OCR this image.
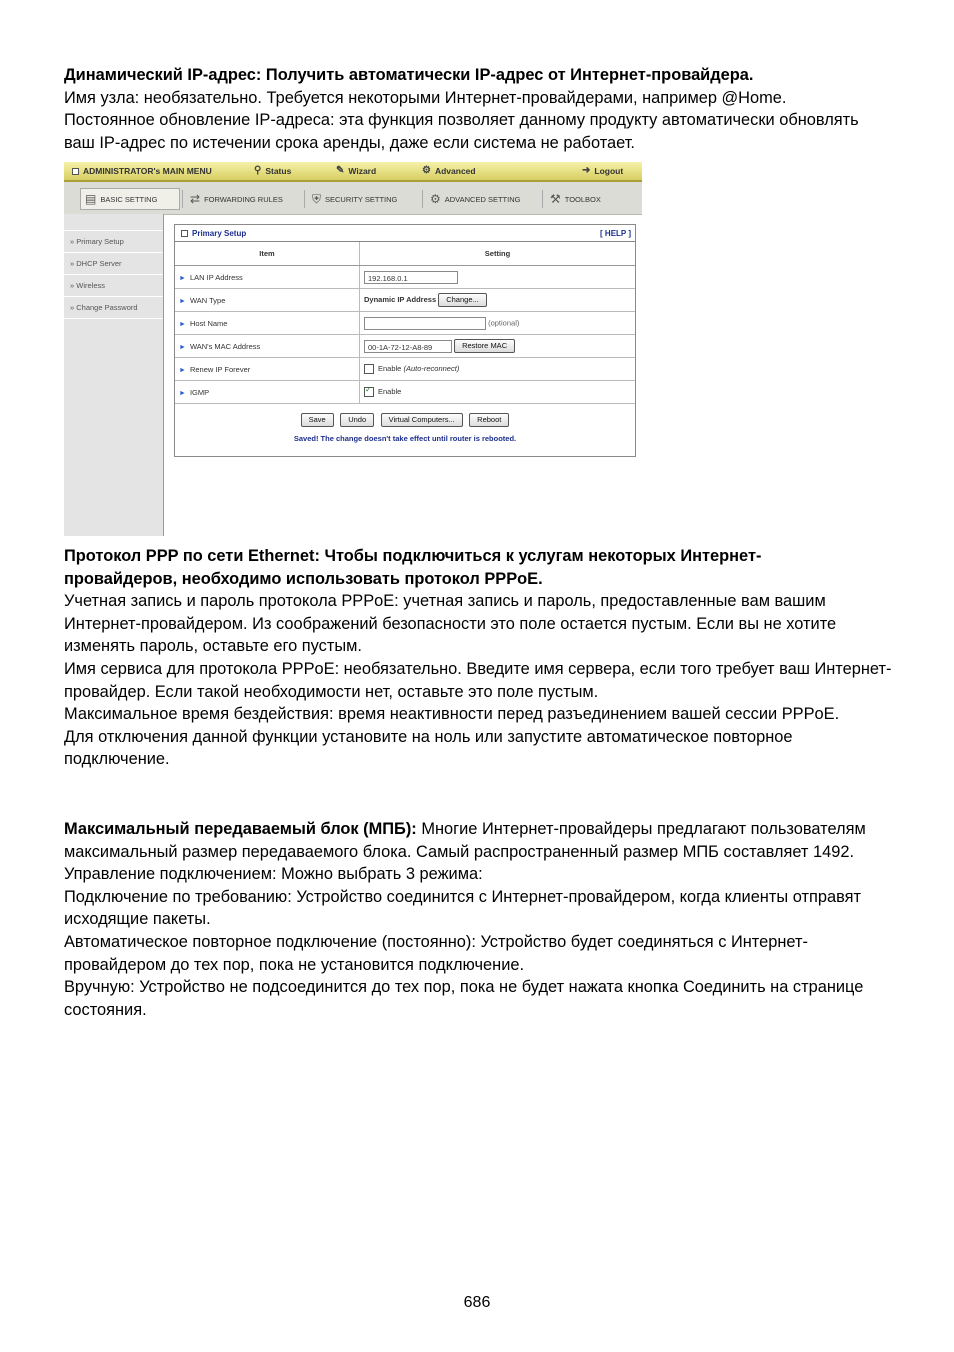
Динамический IP-адрес: Получить автоматически IP-адрес от Интернет-провайдера.

Имя узла: необязательно. Требуется некоторыми Интернет-провайдерами, например @Home.

Постоянное обновление IP-адреса: эта функция позволяет данному продукту автоматически обновлять ваш IP-адрес по истечении срока аренды, даже если система не работает.

ADMINISTRATOR's MAIN MENU	⚲ Status	✎ Wizard	⚙ Advanced	➜ Logout
▤ BASIC SETTING	⇄ FORWARDING RULES ⛨ SECURITY SETTING	⚙ ADVANCED SETTING ⚒ TOOLBOX
» Primary Setup
» DHCP Server
» Wireless
» Change Password
Primary Setup	[ HELP ]
Item	Setting
► LAN IP Address	192.168.0.1
► WAN Type	Dynamic IP Address Change...
► Host Name	(optional)
► WAN's MAC Address	00-1A-72-12-A8-89 Restore MAC
► Renew IP Forever	Enable (Auto-reconnect)
► IGMP	✓Enable
Save	Undo	Virtual Computers...	Reboot
Saved! The change doesn't take effect until router is rebooted.

Протокол PPP по сети Ethernet: Чтобы подключиться к услугам некоторых Интернет-провайдеров, необходимо использовать протокол PPPoE.

Учетная запись и пароль протокола PPPoE: учетная запись и пароль, предоставленные вам вашим Интернет-провайдером. Из соображений безопасности это поле остается пустым. Если вы не хотите изменять пароль, оставьте его пустым.

Имя сервиса для протокола PPPoE: необязательно. Введите имя сервера, если того требует ваш Интернет-провайдер. Если такой необходимости нет, оставьте это поле пустым.

Максимальное время бездействия: время неактивности перед разъединением вашей сессии PPPoE.

Для отключения данной функции установите на ноль или запустите автоматическое повторное подключение.

Максимальный передаваемый блок (МПБ): Многие Интернет-провайдеры предлагают пользователям максимальный размер передаваемого блока. Самый распространенный размер МПБ составляет 1492.

Управление подключением: Можно выбрать 3 режима:

Подключение по требованию: Устройство соединится с Интернет-провайдером, когда клиенты отправят исходящие пакеты.

Автоматическое повторное подключение (постоянно): Устройство будет соединяться с Интернет-провайдером до тех пор, пока не установится подключение.

Вручную: Устройство не подсоединится до тех пор, пока не будет нажата кнопка Соединить на странице состояния.

686
